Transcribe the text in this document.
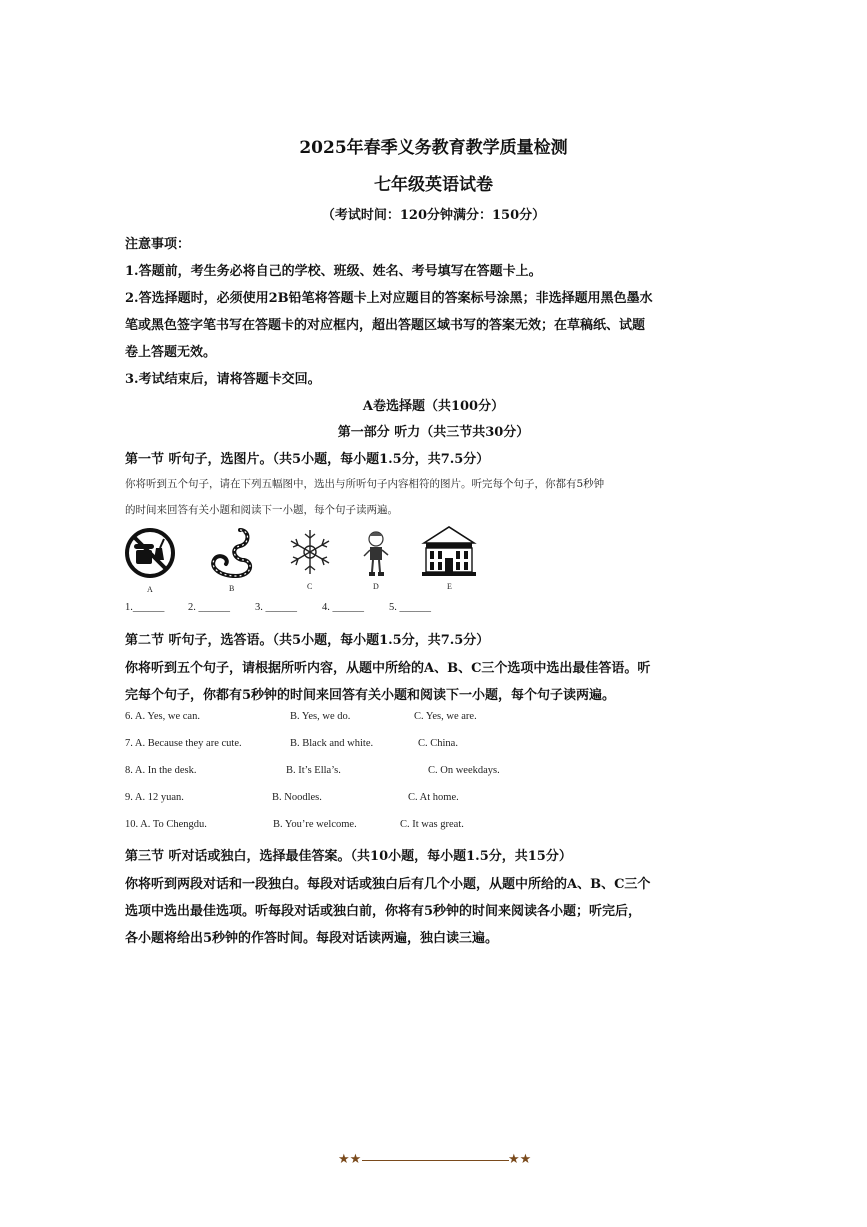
2025年春季义务教育教学质量检测
七年级英语试卷
（考试时间：120分钟满分：150分）
注意事项：
1.答题前，考生务必将自己的学校、班级、姓名、考号填写在答题卡上。
2.答选择题时，必须使用2B铅笔将答题卡上对应题目的答案标号涂黑；非选择题用黑色墨水
笔或黑色签字笔书写在答题卡的对应框内，超出答题区域书写的答案无效；在草稿纸、试题
卷上答题无效。
3.考试结束后，请将答题卡交回。
A卷选择题（共100分）
第一部分 听力（共三节共30分）
第一节 听句子，选图片。（共5小题，每小题1.5分，共7.5分）
你将听到五个句子，请在下列五幅图中，选出与所听句子内容相符的图片。听完每个句子，你都有5秒钟
的时间来回答有关小题和阅读下一小题，每个句子读两遍。
A	B	C	D	E
1.______ 2. ______ 3. ______ 4. ______ 5. ______
第二节 听句子，选答语。（共5小题，每小题1.5分，共7.5分）
你将听到五个句子，请根据所听内容，从题中所给的A、B、C三个选项中选出最佳答语。听
完每个句子，你都有5秒钟的时间来回答有关小题和阅读下一小题，每个句子读两遍。
6. A. Yes, we can.	B. Yes, we do.	C. Yes, we are.
7. A. Because they are cute.	B. Black and white.	C. China.
8. A. In the desk.	B. It’s Ella’s.	C. On weekdays.
9. A. 12 yuan.	B. Noodles.	C. At home.
10. A. To Chengdu.	B. You’re welcome.	C. It was great.
第三节 听对话或独白，选择最佳答案。（共10小题，每小题1.5分，共15分）
你将听到两段对话和一段独白。每段对话或独白后有几个小题，从题中所给的A、B、C三个
选项中选出最佳选项。听每段对话或独白前，你将有5秒钟的时间来阅读各小题；听完后，
各小题将给出5秒钟的作答时间。每段对话读两遍，独白读三遍。
★★	★★
